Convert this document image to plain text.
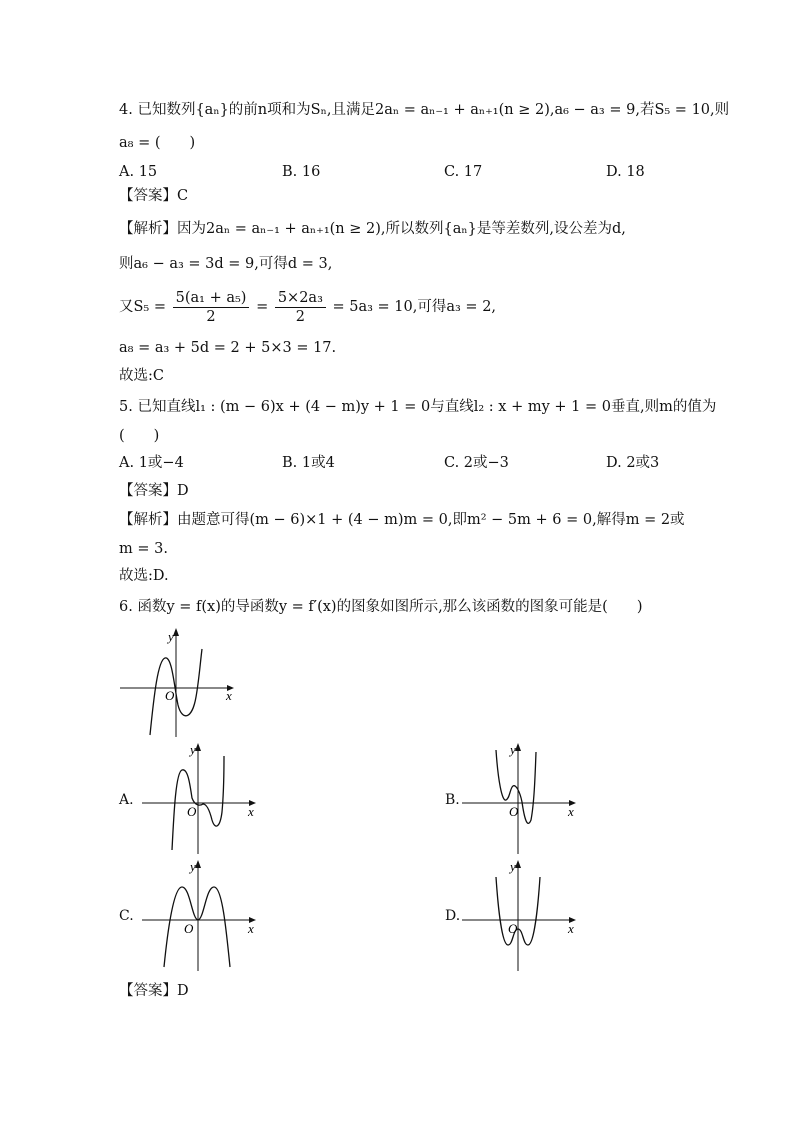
4. 已知数列{aₙ}的前n项和为Sₙ,且满足2aₙ = aₙ₋₁ + aₙ₊₁(n ≥ 2),a₆ − a₃ = 9,若S₅ = 10,则
a₈ = (　　)
A. 15	B. 16	C. 17	D. 18
【答案】C
【解析】因为2aₙ = aₙ₋₁ + aₙ₊₁(n ≥ 2),所以数列{aₙ}是等差数列,设公差为d,
则a₆ − a₃ = 3d = 9,可得d = 3,
又$S_5 = \frac{\text{5(a₁ + a₅)}}{2} = \frac{\text{5×2a₃}}{2} = 5a_3 = 10$,可得a₃ = 2,
a₈ = a₃ + 5d = 2 + 5×3 = 17.
故选:C
5. 已知直线l₁ : (m − 6)x + (4 − m)y + 1 = 0与直线l₂ : x + my + 1 = 0垂直,则m的值为
(　　)
A. 1或−4	B. 1或4	C. 2或−3	D. 2或3
【答案】D
【解析】由题意可得(m − 6)×1 + (4 − m)m = 0,即m² − 5m + 6 = 0,解得m = 2或
m = 3.
故选:D.
6. 函数y = f(x)的导函数y = f′(x)的图象如图所示,那么该函数的图象可能是(　　)
y
x
O
A.
y
x
O
B.
y
x
O
C.
y
x
O
D.
y
x
O
【答案】D
